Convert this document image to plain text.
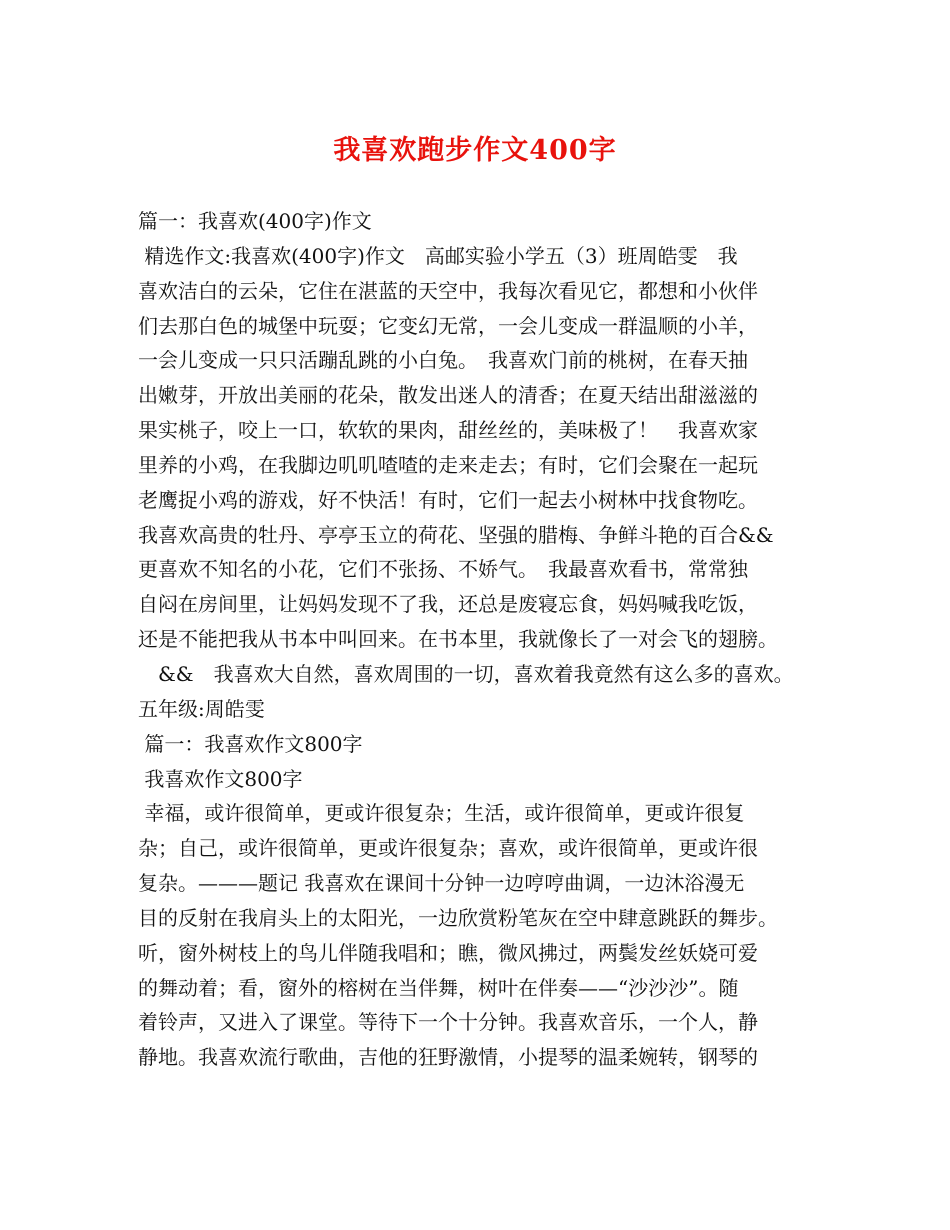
我喜欢跑步作文400字
篇一：我喜欢(400字)作文
精选作文:我喜欢(400字)作文　高邮实验小学五（3）班周皓雯　我
喜欢洁白的云朵，它住在湛蓝的天空中，我每次看见它，都想和小伙伴
们去那白色的城堡中玩耍；它变幻无常，一会儿变成一群温顺的小羊，
一会儿变成一只只活蹦乱跳的小白兔。　我喜欢门前的桃树，在春天抽
出嫩芽，开放出美丽的花朵，散发出迷人的清香；在夏天结出甜滋滋的
果实桃子，咬上一口，软软的果肉，甜丝丝的，美味极了！　我喜欢家
里养的小鸡，在我脚边叽叽喳喳的走来走去；有时，它们会聚在一起玩
老鹰捉小鸡的游戏，好不快活！有时，它们一起去小树林中找食物吃。
我喜欢高贵的牡丹、亭亭玉立的荷花、坚强的腊梅、争鲜斗艳的百合&&
更喜欢不知名的小花，它们不张扬、不娇气。　我最喜欢看书，常常独
自闷在房间里，让妈妈发现不了我，还总是废寝忘食，妈妈喊我吃饭，
还是不能把我从书本中叫回来。在书本里，我就像长了一对会飞的翅膀。
　&&　我喜欢大自然，喜欢周围的一切，喜欢着我竟然有这么多的喜欢。
五年级:周皓雯
篇一：我喜欢作文800字
我喜欢作文800字
幸福，或许很简单，更或许很复杂；生活，或许很简单，更或许很复
杂；自己，或许很简单，更或许很复杂；喜欢，或许很简单，更或许很
复杂。———题记 我喜欢在课间十分钟一边哼哼曲调，一边沐浴漫无
目的反射在我肩头上的太阳光，一边欣赏粉笔灰在空中肆意跳跃的舞步。
听，窗外树枝上的鸟儿伴随我唱和；瞧，微风拂过，两鬓发丝妖娆可爱
的舞动着；看，窗外的榕树在当伴舞，树叶在伴奏——“沙沙沙”。随
着铃声，又进入了课堂。等待下一个十分钟。我喜欢音乐，一个人，静
静地。我喜欢流行歌曲，吉他的狂野激情，小提琴的温柔婉转，钢琴的
